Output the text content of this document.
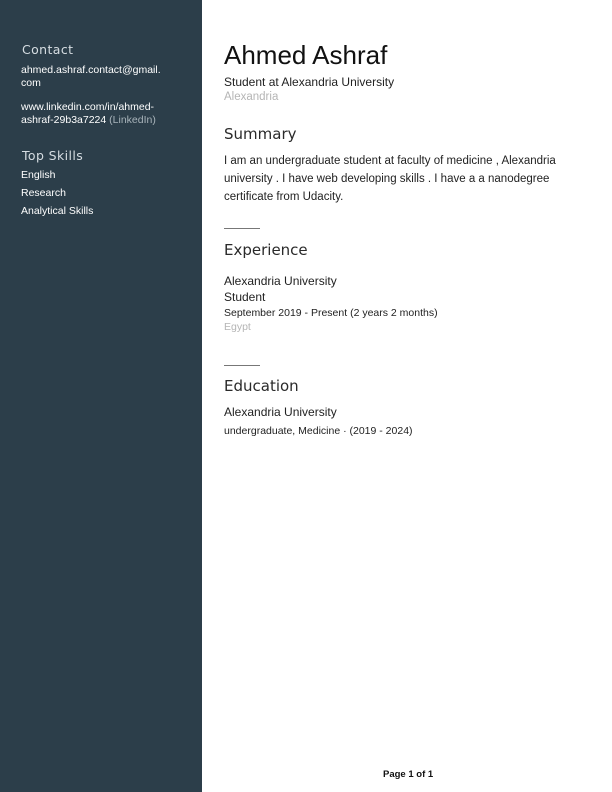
Contact
ahmed.ashraf.contact@gmail.
com
www.linkedin.com/in/ahmed-
ashraf-29b3a7224 (LinkedIn)
Top Skills
English
Research
Analytical Skills
Ahmed Ashraf
Student at Alexandria University
Alexandria
Summary
I am an undergraduate student at faculty of medicine , Alexandria university . I have web developing skills . I have a a nanodegree certificate from Udacity.
Experience
Alexandria University
Student
September 2019 - Present (2 years 2 months)
Egypt
Education
Alexandria University
undergraduate, Medicine · (2019 - 2024)
Page 1 of 1
